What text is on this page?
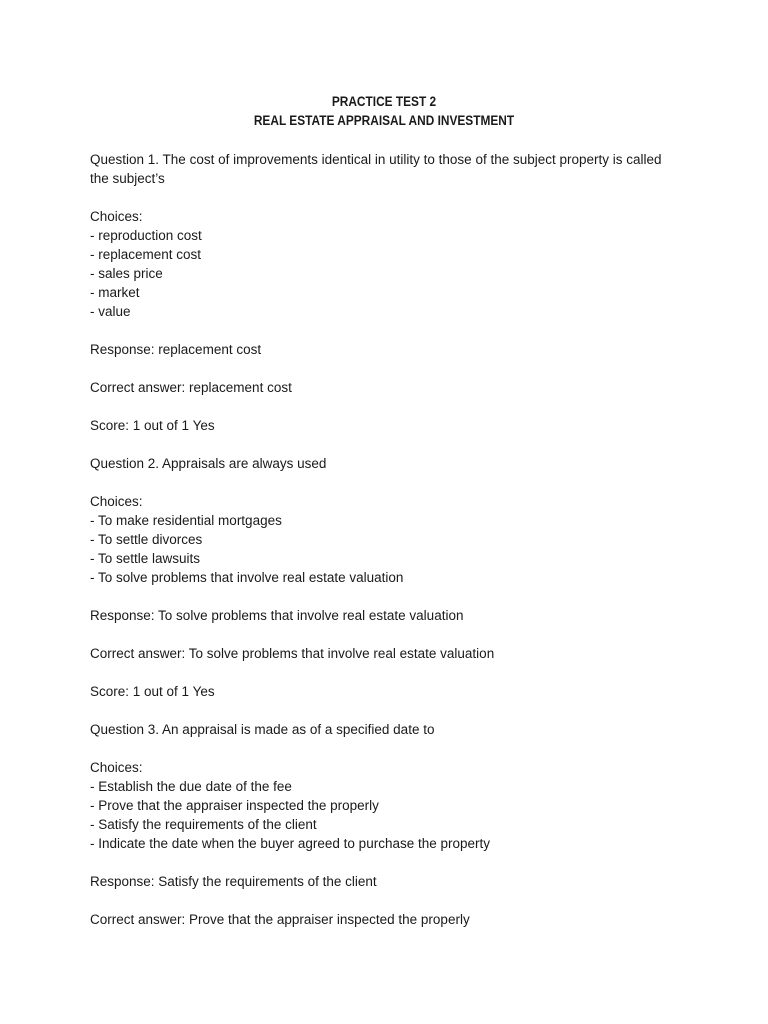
PRACTICE TEST 2
REAL ESTATE APPRAISAL AND INVESTMENT
Question 1. The cost of improvements identical in utility to those of the subject property is called the subject’s
Choices:
- reproduction cost
- replacement cost
- sales price
- market
- value
Response: replacement cost
Correct answer: replacement cost
Score: 1 out of 1 Yes
Question 2. Appraisals are always used
Choices:
- To make residential mortgages
- To settle divorces
- To settle lawsuits
- To solve problems that involve real estate valuation
Response: To solve problems that involve real estate valuation
Correct answer: To solve problems that involve real estate valuation
Score: 1 out of 1 Yes
Question 3. An appraisal is made as of a specified date to
Choices:
- Establish the due date of the fee
- Prove that the appraiser inspected the properly
- Satisfy the requirements of the client
- Indicate the date when the buyer agreed to purchase the property
Response: Satisfy the requirements of the client
Correct answer: Prove that the appraiser inspected the properly
